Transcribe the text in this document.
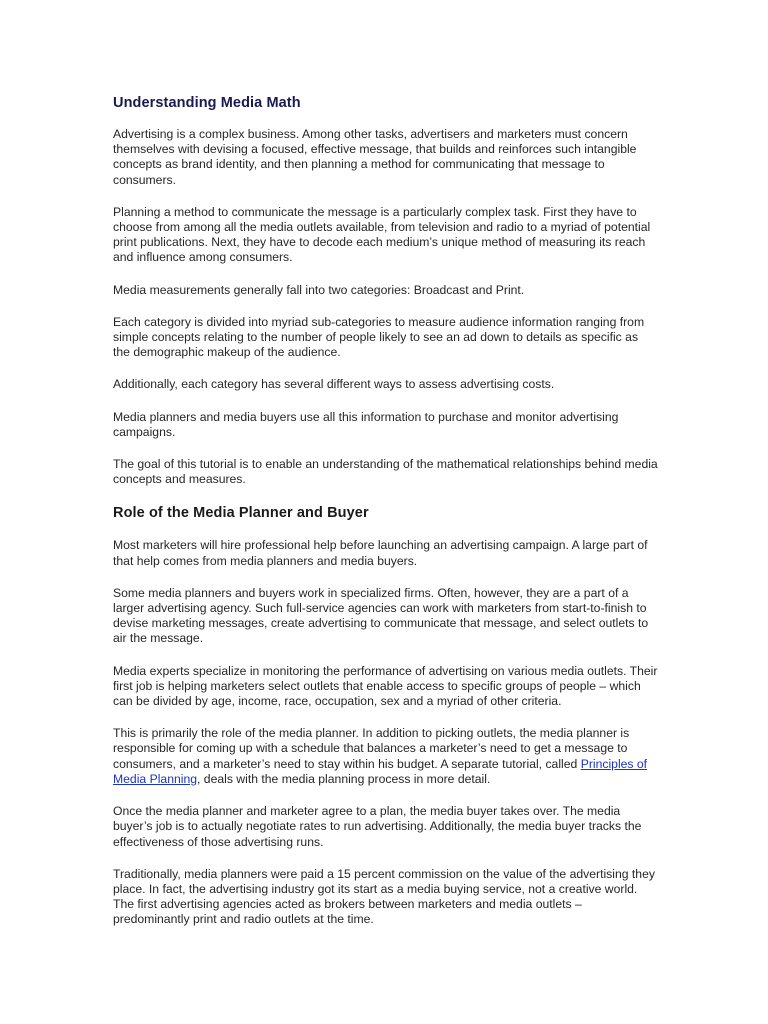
Understanding Media Math

Advertising is a complex business. Among other tasks, advertisers and marketers must concern themselves with devising a focused, effective message, that builds and reinforces such intangible concepts as brand identity, and then planning a method for communicating that message to consumers.

Planning a method to communicate the message is a particularly complex task. First they have to choose from among all the media outlets available, from television and radio to a myriad of potential print publications. Next, they have to decode each medium’s unique method of measuring its reach and influence among consumers.

Media measurements generally fall into two categories: Broadcast and Print.

Each category is divided into myriad sub-categories to measure audience information ranging from simple concepts relating to the number of people likely to see an ad down to details as specific as the demographic makeup of the audience.

Additionally, each category has several different ways to assess advertising costs.

Media planners and media buyers use all this information to purchase and monitor advertising campaigns.

The goal of this tutorial is to enable an understanding of the mathematical relationships behind media concepts and measures.

Role of the Media Planner and Buyer

Most marketers will hire professional help before launching an advertising campaign. A large part of that help comes from media planners and media buyers.

Some media planners and buyers work in specialized firms. Often, however, they are a part of a larger advertising agency. Such full-service agencies can work with marketers from start-to-finish to devise marketing messages, create advertising to communicate that message, and select outlets to air the message.

Media experts specialize in monitoring the performance of advertising on various media outlets. Their first job is helping marketers select outlets that enable access to specific groups of people – which can be divided by age, income, race, occupation, sex and a myriad of other criteria.

This is primarily the role of the media planner. In addition to picking outlets, the media planner is responsible for coming up with a schedule that balances a marketer’s need to get a message to consumers, and a marketer’s need to stay within his budget. A separate tutorial, called Principles of Media Planning, deals with the media planning process in more detail.

Once the media planner and marketer agree to a plan, the media buyer takes over. The media buyer’s job is to actually negotiate rates to run advertising. Additionally, the media buyer tracks the effectiveness of those advertising runs.

Traditionally, media planners were paid a 15 percent commission on the value of the advertising they place. In fact, the advertising industry got its start as a media buying service, not a creative world. The first advertising agencies acted as brokers between marketers and media outlets – predominantly print and radio outlets at the time.
